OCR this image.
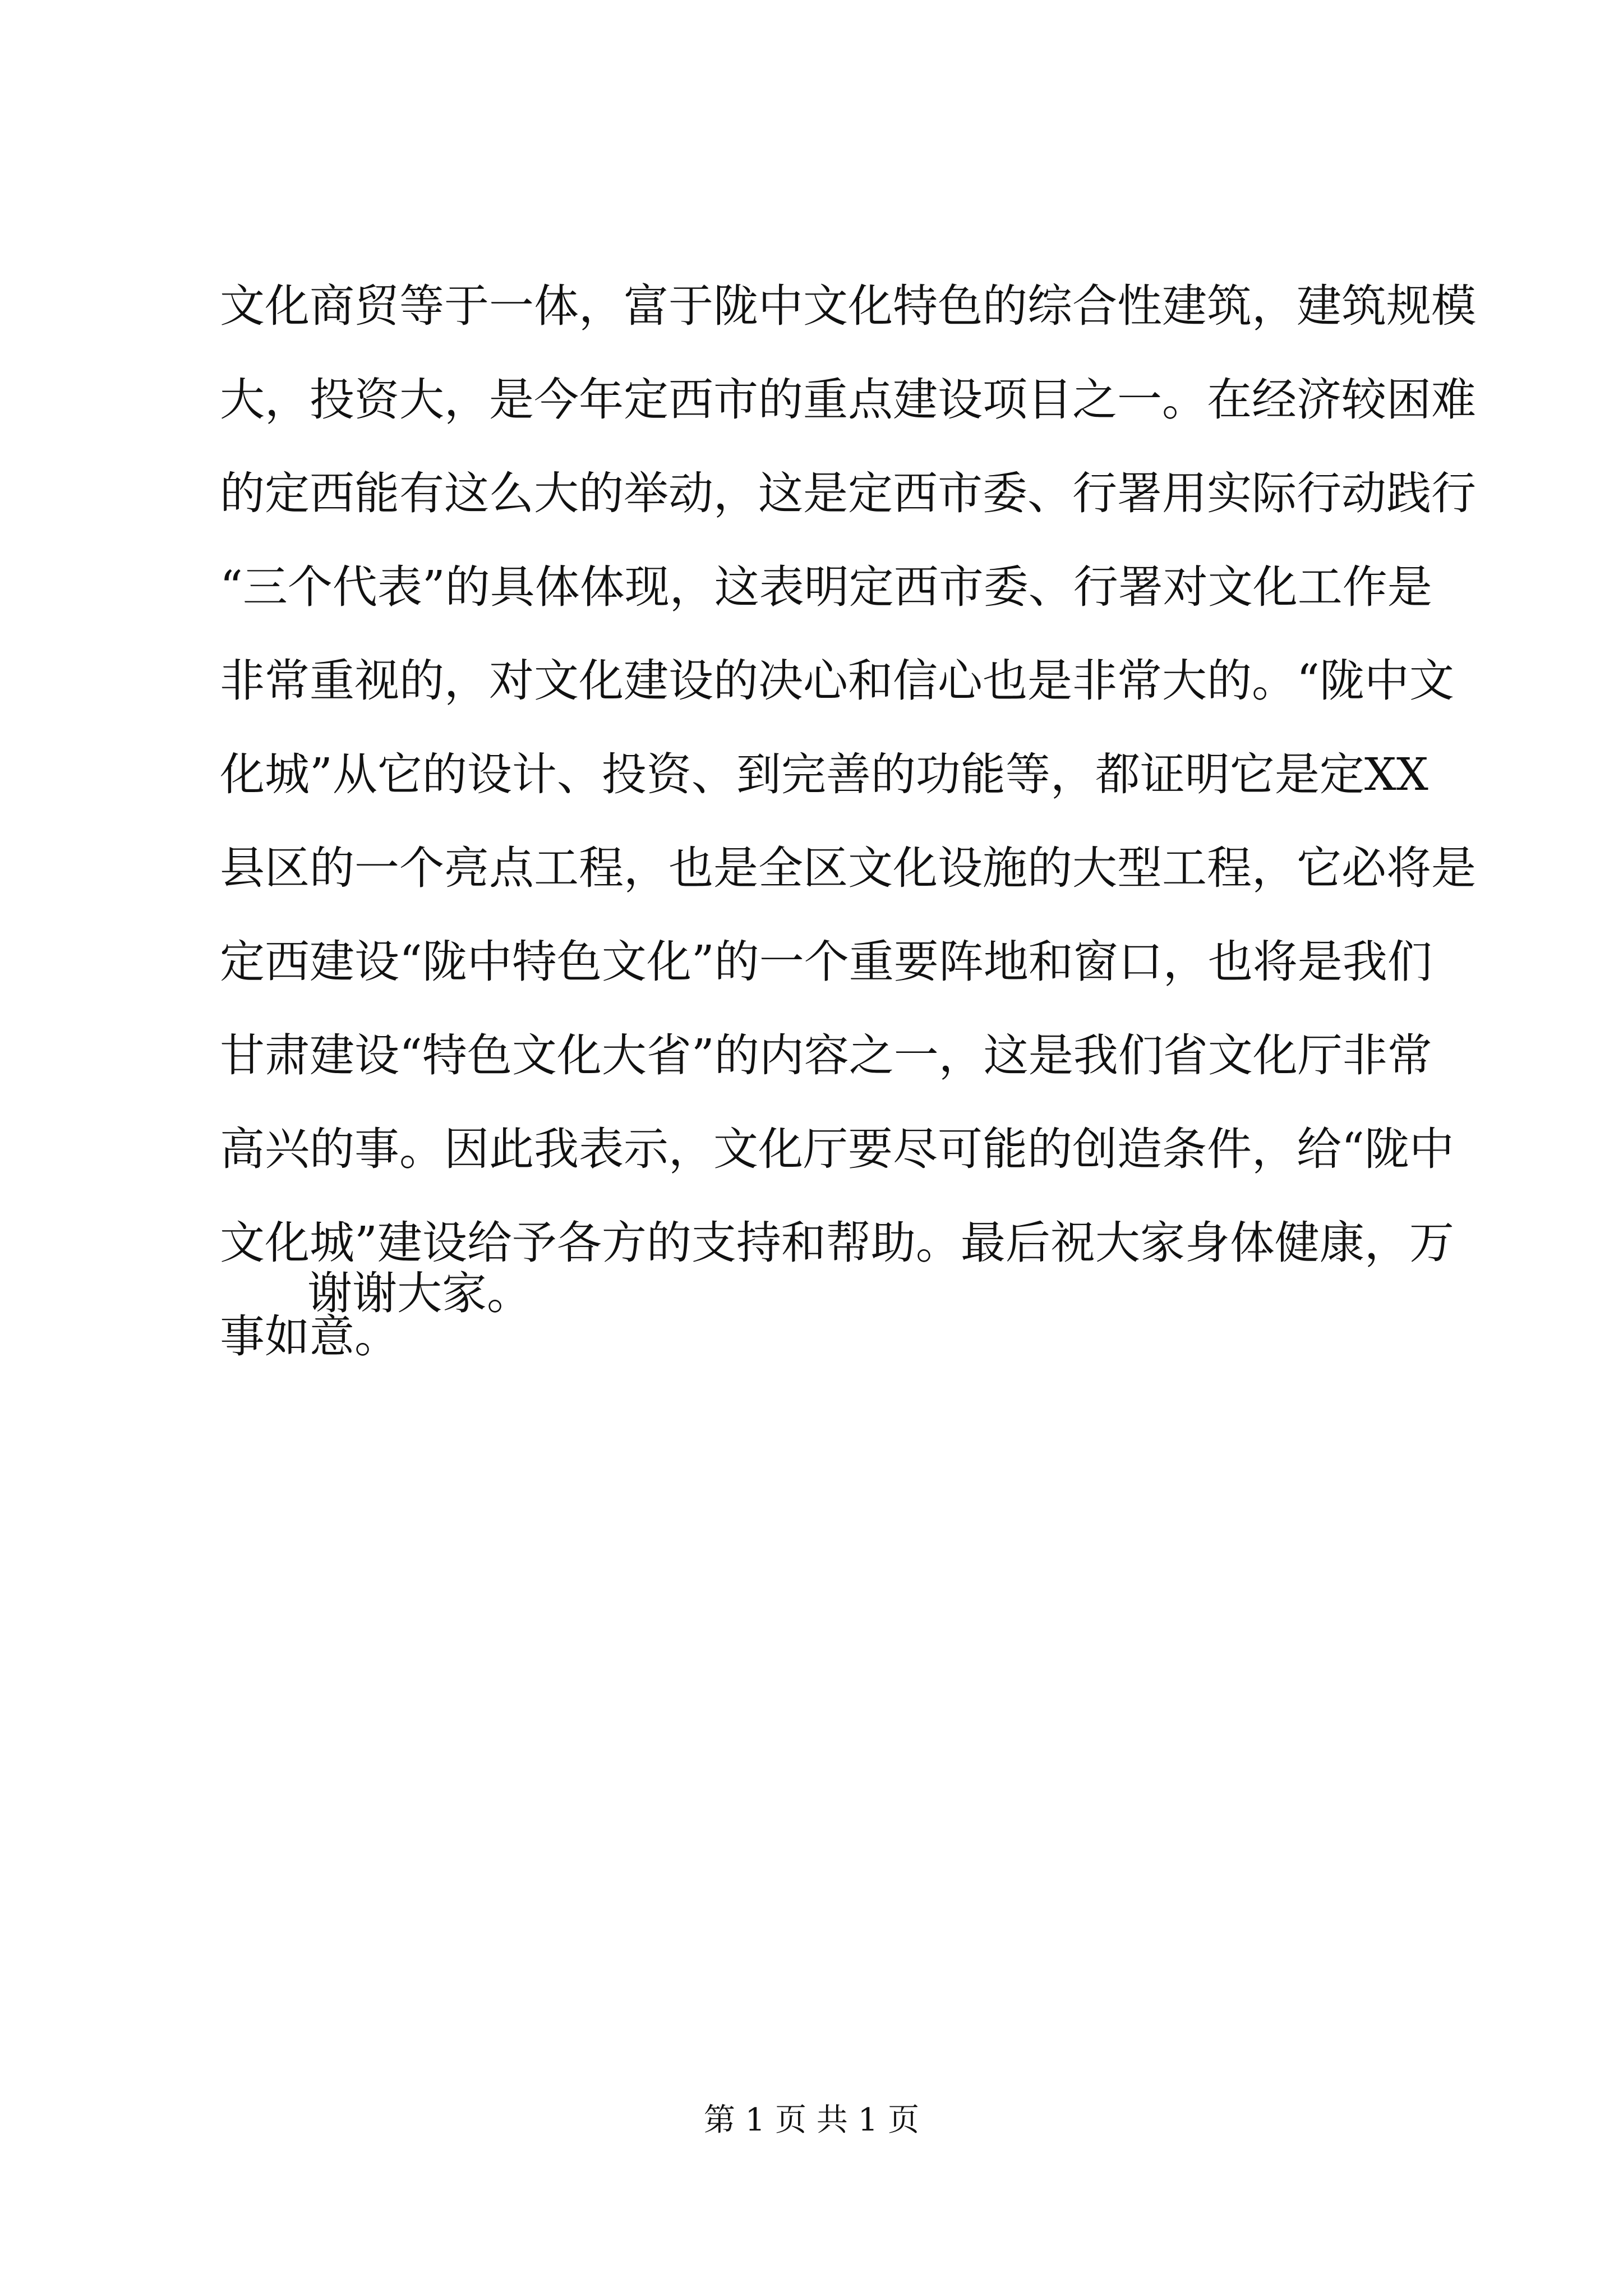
文化商贸等于一体，富于陇中文化特色的综合性建筑，建筑规模
大，投资大，是今年定西市的重点建设项目之一。在经济较困难
的定西能有这么大的举动，这是定西市委、行署用实际行动践行
“三个代表”的具体体现，这表明定西市委、行署对文化工作是
非常重视的，对文化建设的决心和信心也是非常大的。“陇中文
化城”从它的设计、投资、到完善的功能等，都证明它是定XX
县区的一个亮点工程，也是全区文化设施的大型工程，它必将是
定西建设“陇中特色文化”的一个重要阵地和窗口，也将是我们
甘肃建设“特色文化大省”的内容之一，这是我们省文化厅非常
高兴的事。因此我表示，文化厅要尽可能的创造条件，给“陇中
文化城”建设给予各方的支持和帮助。最后祝大家身体健康，万
事如意。
谢谢大家。
第 1 页 共 1 页
